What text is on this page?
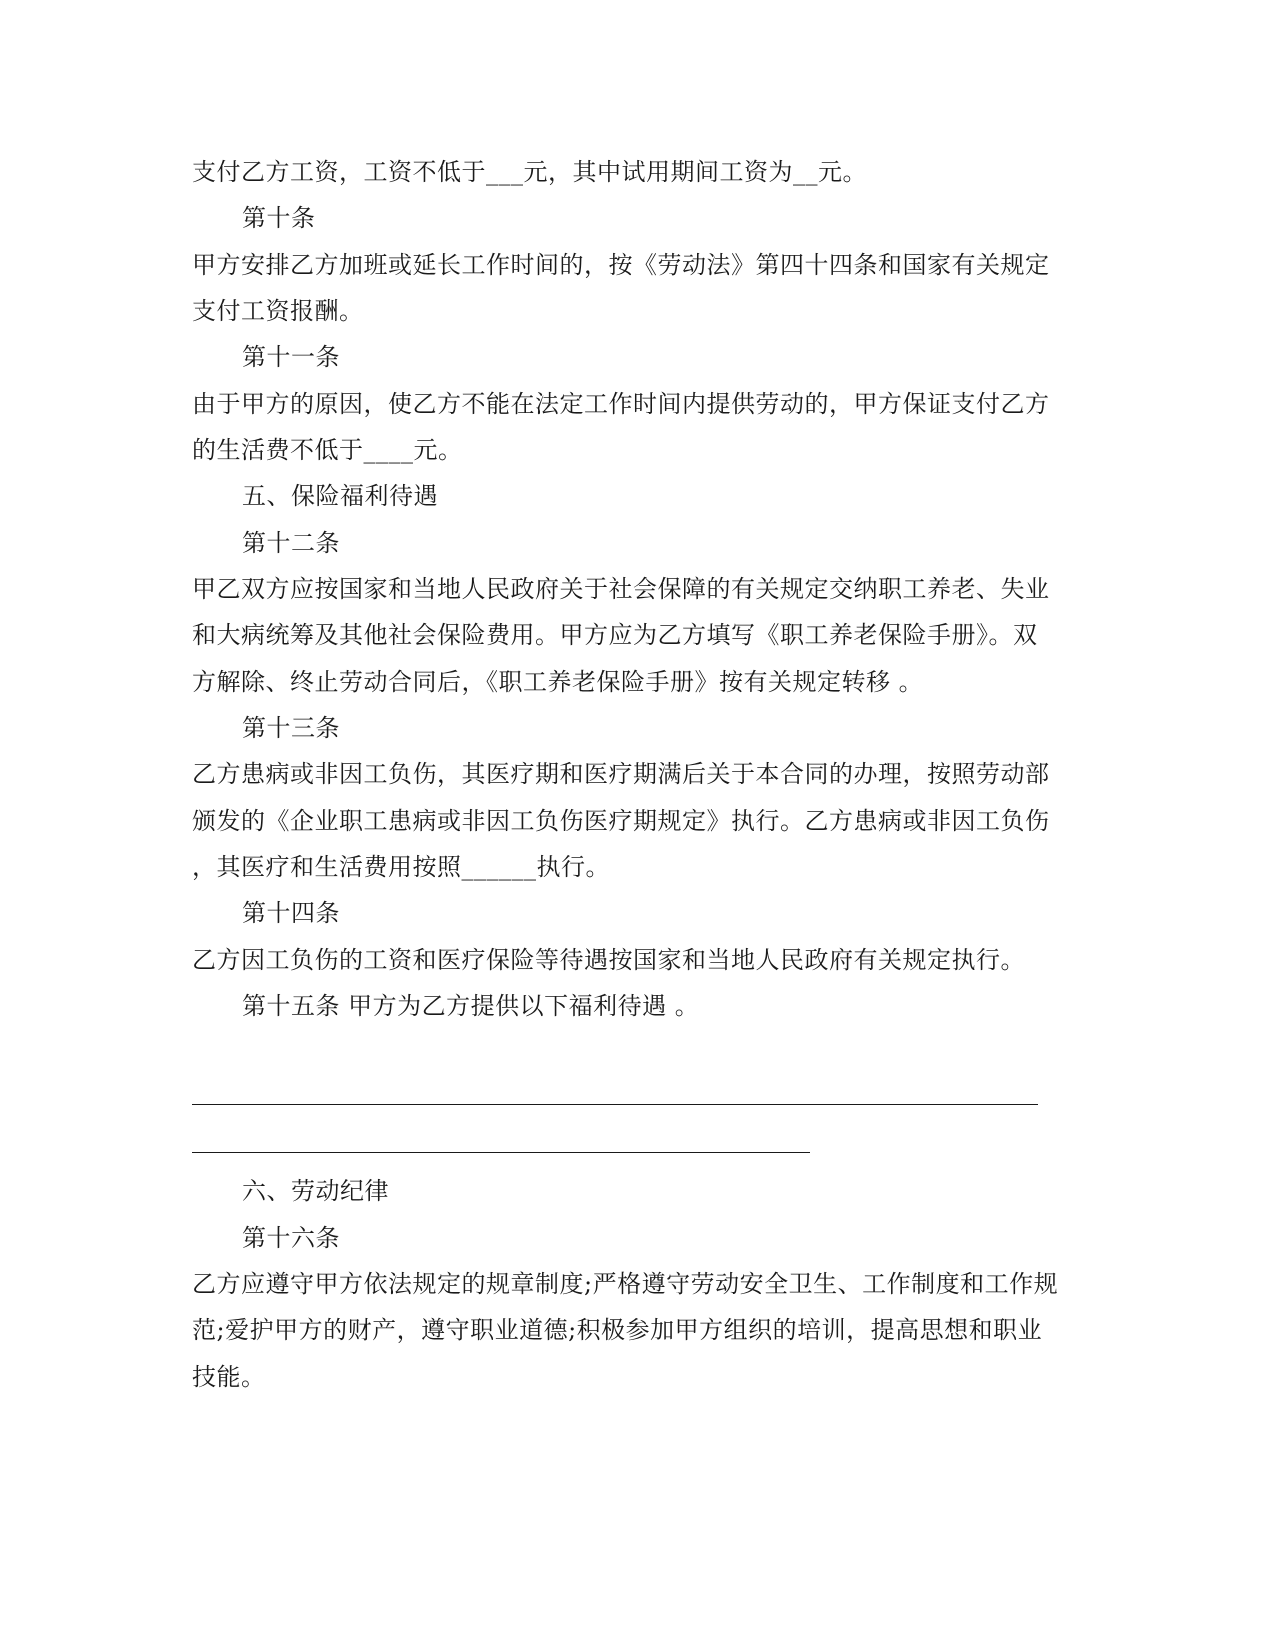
支付乙方工资，工资不低于___元，其中试用期间工资为__元。
第十条
甲方安排乙方加班或延长工作时间的，按《劳动法》第四十四条和国家有关规定
支付工资报酬。
第十一条
由于甲方的原因，使乙方不能在法定工作时间内提供劳动的，甲方保证支付乙方
的生活费不低于____元。
五、保险福利待遇
第十二条
甲乙双方应按国家和当地人民政府关于社会保障的有关规定交纳职工养老、失业
和大病统筹及其他社会保险费用。甲方应为乙方填写《职工养老保险手册》。双
方解除、终止劳动合同后，《职工养老保险手册》按有关规定转移 。
第十三条
乙方患病或非因工负伤，其医疗期和医疗期满后关于本合同的办理，按照劳动部
颁发的《企业职工患病或非因工负伤医疗期规定》执行。乙方患病或非因工负伤
，其医疗和生活费用按照______执行。
第十四条
乙方因工负伤的工资和医疗保险等待遇按国家和当地人民政府有关规定执行。
第十五条 甲方为乙方提供以下福利待遇 。
六、劳动纪律
第十六条
乙方应遵守甲方依法规定的规章制度;严格遵守劳动安全卫生、工作制度和工作规
范;爱护甲方的财产，遵守职业道德;积极参加甲方组织的培训，提高思想和职业
技能。
